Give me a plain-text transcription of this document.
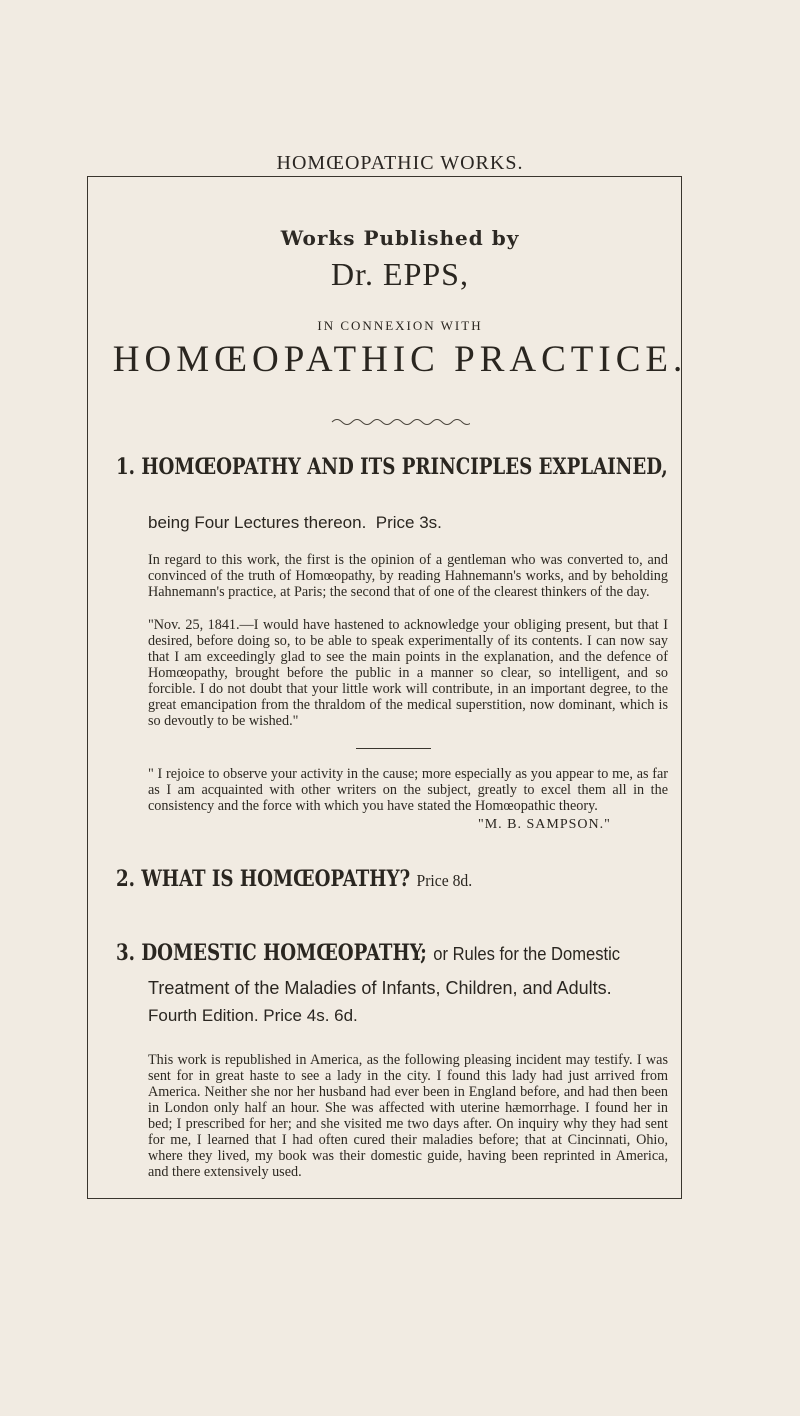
HOMŒOPATHIC WORKS.
Works Published by
Dr. EPPS,
IN CONNEXION WITH
HOMŒOPATHIC PRACTICE.
1. HOMŒOPATHY AND ITS PRINCIPLES EXPLAINED,
being Four Lectures thereon. Price 3s.
In regard to this work, the first is the opinion of a gentleman who was converted to, and convinced of the truth of Homœopathy, by reading Hahnemann's works, and by beholding Hahnemann's practice, at Paris; the second that of one of the clearest thinkers of the day.
"Nov. 25, 1841.—I would have hastened to acknowledge your obliging present, but that I desired, before doing so, to be able to speak experimentally of its contents. I can now say that I am exceedingly glad to see the main points in the explanation, and the defence of Homœopathy, brought before the public in a manner so clear, so intelligent, and so forcible. I do not doubt that your little work will contribute, in an important degree, to the great emancipation from the thraldom of the medical superstition, now dominant, which is so devoutly to be wished."
" I rejoice to observe your activity in the cause; more especially as you appear to me, as far as I am acquainted with other writers on the subject, greatly to excel them all in the consistency and the force with which you have stated the Homœopathic theory.
"M. B. SAMPSON."
2. WHAT IS HOMŒOPATHY? Price 8d.
3. DOMESTIC HOMŒOPATHY; or Rules for the Domestic
Treatment of the Maladies of Infants, Children, and Adults.
Fourth Edition. Price 4s. 6d.
This work is republished in America, as the following pleasing incident may testify. I was sent for in great haste to see a lady in the city. I found this lady had just arrived from America. Neither she nor her husband had ever been in England before, and had then been in London only half an hour. She was affected with uterine hæmorrhage. I found her in bed; I prescribed for her; and she visited me two days after. On inquiry why they had sent for me, I learned that I had often cured their maladies before; that at Cincinnati, Ohio, where they lived, my book was their domestic guide, having been reprinted in America, and there extensively used.
